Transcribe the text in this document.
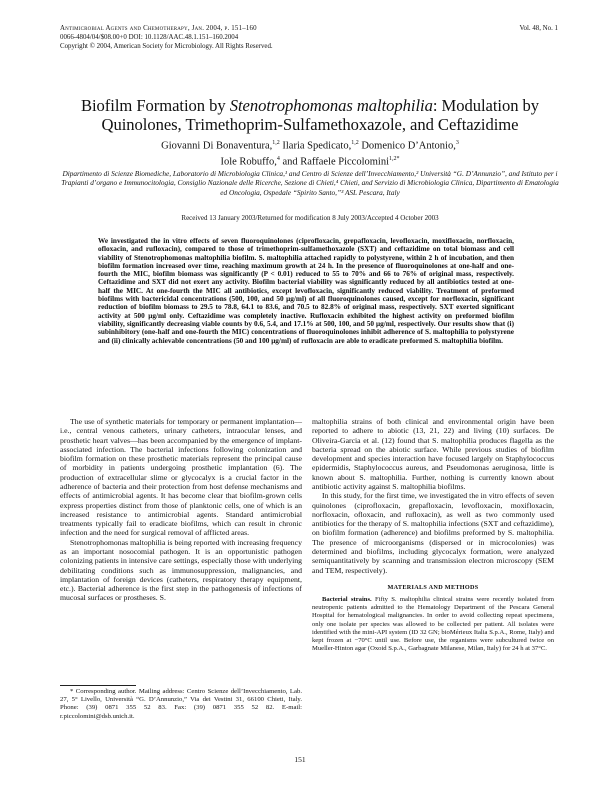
Antimicrobial Agents and Chemotherapy, Jan. 2004, p. 151–160	Vol. 48, No. 1
0066-4804/04/$08.00+0 DOI: 10.1128/AAC.48.1.151–160.2004
Copyright © 2004, American Society for Microbiology. All Rights Reserved.
Biofilm Formation by Stenotrophomonas maltophilia: Modulation by
Quinolones, Trimethoprim-Sulfamethoxazole, and Ceftazidime
Giovanni Di Bonaventura,$^{1,2}$ Ilaria Spedicato,$^{1,2}$ Domenico D’Antonio,$^3$
Iole Robuffo,$^4$ and Raffaele Piccolomini$^{1,2*}$
Dipartimento di Scienze Biomediche, Laboratorio di Microbiologia Clinica,¹ and Centro di Scienze dell’Invecchiamento,² Università “G. D’Annunzio”, and Istituto per i Trapianti d’organo e Immunocitologia, Consiglio Nazionale delle Ricerche, Sezione di Chieti,⁴ Chieti, and Servizio di Microbiologia Clinica, Dipartimento di Ematologia ed Oncologia, Ospedale “Spirito Santo,”³ ASL Pescara, Italy
Received 13 January 2003/Returned for modification 8 July 2003/Accepted 4 October 2003
We investigated the in vitro effects of seven fluoroquinolones (ciprofloxacin, grepafloxacin, levofloxacin, moxifloxacin, norfloxacin, ofloxacin, and rufloxacin), compared to those of trimethoprim-sulfamethoxazole (SXT) and ceftazidime on total biomass and cell viability of Stenotrophomonas maltophilia biofilm. S. maltophilia attached rapidly to polystyrene, within 2 h of incubation, and then biofilm formation increased over time, reaching maximum growth at 24 h. In the presence of fluoroquinolones at one-half and one-fourth the MIC, biofilm biomass was significantly (P < 0.01) reduced to 55 to 70% and 66 to 76% of original mass, respectively. Ceftazidime and SXT did not exert any activity. Biofilm bacterial viability was significantly reduced by all antibiotics tested at one-half the MIC. At one-fourth the MIC all antibiotics, except levofloxacin, significantly reduced viability. Treatment of preformed biofilms with bactericidal concentrations (500, 100, and 50 μg/ml) of all fluoroquinolones caused, except for norfloxacin, significant reduction of biofilm biomass to 29.5 to 78.8, 64.1 to 83.6, and 70.5 to 82.8% of original mass, respectively. SXT exerted significant activity at 500 μg/ml only. Ceftazidime was completely inactive. Rufloxacin exhibited the highest activity on preformed biofilm viability, significantly decreasing viable counts by 0.6, 5.4, and 17.1% at 500, 100, and 50 μg/ml, respectively. Our results show that (i) subinhibitory (one-half and one-fourth the MIC) concentrations of fluoroquinolones inhibit adherence of S. maltophilia to polystyrene and (ii) clinically achievable concentrations (50 and 100 μg/ml) of rufloxacin are able to eradicate preformed S. maltophilia biofilm.

The use of synthetic materials for temporary or permanent implantation—i.e., central venous catheters, urinary catheters, intraocular lenses, and prosthetic heart valves—has been accompanied by the emergence of implant-associated infection. The bacterial infections following colonization and biofilm formation on these prosthetic materials represent the principal cause of morbidity in patients undergoing prosthetic implantation (6). The production of extracellular slime or glycocalyx is a crucial factor in the adherence of bacteria and their protection from host defense mechanisms and effects of antimicrobial agents. It has become clear that biofilm-grown cells express properties distinct from those of planktonic cells, one of which is an increased resistance to antimicrobial agents. Standard antimicrobial treatments typically fail to eradicate biofilms, which can result in chronic infection and the need for surgical removal of afflicted areas.

Stenotrophomonas maltophilia is being reported with increasing frequency as an important nosocomial pathogen. It is an opportunistic pathogen colonizing patients in intensive care settings, especially those with underlying debilitating conditions such as immunosuppression, malignancies, and implantation of foreign devices (catheters, respiratory therapy equipment, etc.). Bacterial adherence is the first step in the pathogenesis of infections of mucosal surfaces or prostheses. S.

maltophilia strains of both clinical and environmental origin have been reported to adhere to abiotic (13, 21, 22) and living (10) surfaces. De Oliveira-Garcia et al. (12) found that S. maltophilia produces flagella as the bacteria spread on the abiotic surface. While previous studies of biofilm development and species interaction have focused largely on Staphylococcus epidermidis, Staphylococcus aureus, and Pseudomonas aeruginosa, little is known about S. maltophilia. Further, nothing is currently known about antibiotic activity against S. maltophilia biofilms.

In this study, for the first time, we investigated the in vitro effects of seven quinolones (ciprofloxacin, grepafloxacin, levofloxacin, moxifloxacin, norfloxacin, ofloxacin, and rufloxacin), as well as two commonly used antibiotics for the therapy of S. maltophilia infections (SXT and ceftazidime), on biofilm formation (adherence) and biofilms preformed by S. maltophilia. The presence of microorganisms (dispersed or in microcolonies) was determined and biofilms, including glycocalyx formation, were analyzed semiquantitatively by scanning and transmission electron microscopy (SEM and TEM, respectively).

MATERIALS AND METHODS

Bacterial strains. Fifty S. maltophilia clinical strains were recently isolated from neutropenic patients admitted to the Hematology Department of the Pescara General Hospital for hematological malignancies. In order to avoid collecting repeat specimens, only one isolate per species was allowed to be collected per patient. All isolates were identified with the mini-API system (ID 32 GN; bioMérieux Italia S.p.A., Rome, Italy) and kept frozen at −70°C until use. Before use, the organisms were subcultured twice on Mueller-Hinton agar (Oxoid S.p.A., Garbagnate Milanese, Milan, Italy) for 24 h at 37°C.

* Corresponding author. Mailing address: Centro Scienze dell’Invecchiamento, Lab. 27, 5° Livello, Università “G. D’Annunzio,” Via dei Vestini 31, 66100 Chieti, Italy. Phone: (39) 0871 355 52 83. Fax: (39) 0871 355 52 82. E-mail: r.piccolomini@dsb.unich.it.
151
